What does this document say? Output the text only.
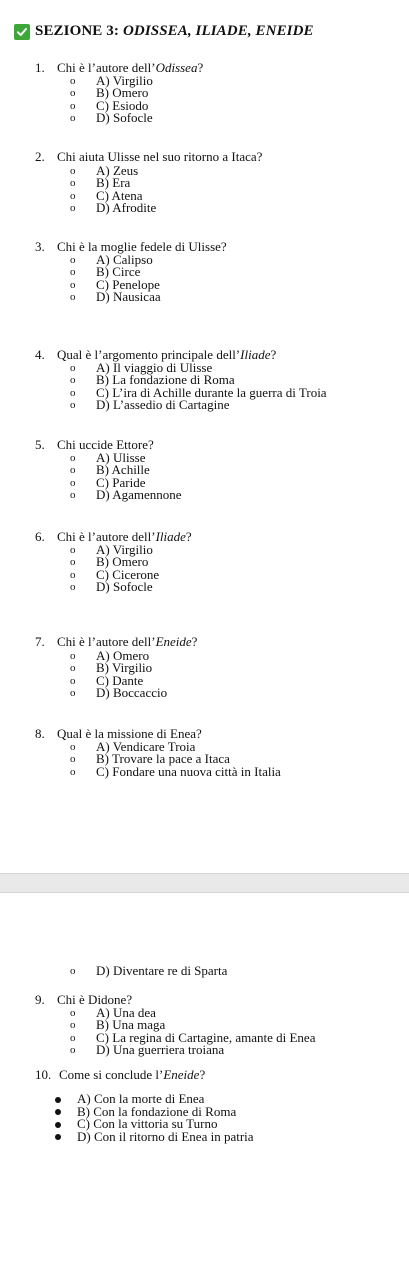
SEZIONE 3: ODISSEA, ILIADE, ENEIDE
1. Chi è l’autore dell’Odissea?
o A) Virgilio
o B) Omero
o C) Esiodo
o D) Sofocle
2. Chi aiuta Ulisse nel suo ritorno a Itaca?
o A) Zeus
o B) Era
o C) Atena
o D) Afrodite
3. Chi è la moglie fedele di Ulisse?
o A) Calipso
o B) Circe
o C) Penelope
o D) Nausicaa
4. Qual è l’argomento principale dell’Iliade?
o A) Il viaggio di Ulisse
o B) La fondazione di Roma
o C) L’ira di Achille durante la guerra di Troia
o D) L’assedio di Cartagine
5. Chi uccide Ettore?
o A) Ulisse
o B) Achille
o C) Paride
o D) Agamennone
6. Chi è l’autore dell’Iliade?
o A) Virgilio
o B) Omero
o C) Cicerone
o D) Sofocle
7. Chi è l’autore dell’Eneide?
o A) Omero
o B) Virgilio
o C) Dante
o D) Boccaccio
8. Qual è la missione di Enea?
o A) Vendicare Troia
o B) Trovare la pace a Itaca
o C) Fondare una nuova città in Italia
o D) Diventare re di Sparta
9. Chi è Didone?
o A) Una dea
o B) Una maga
o C) La regina di Cartagine, amante di Enea
o D) Una guerriera troiana
10. Come si conclude l’Eneide?
A) Con la morte di Enea
B) Con la fondazione di Roma
C) Con la vittoria su Turno
D) Con il ritorno di Enea in patria
